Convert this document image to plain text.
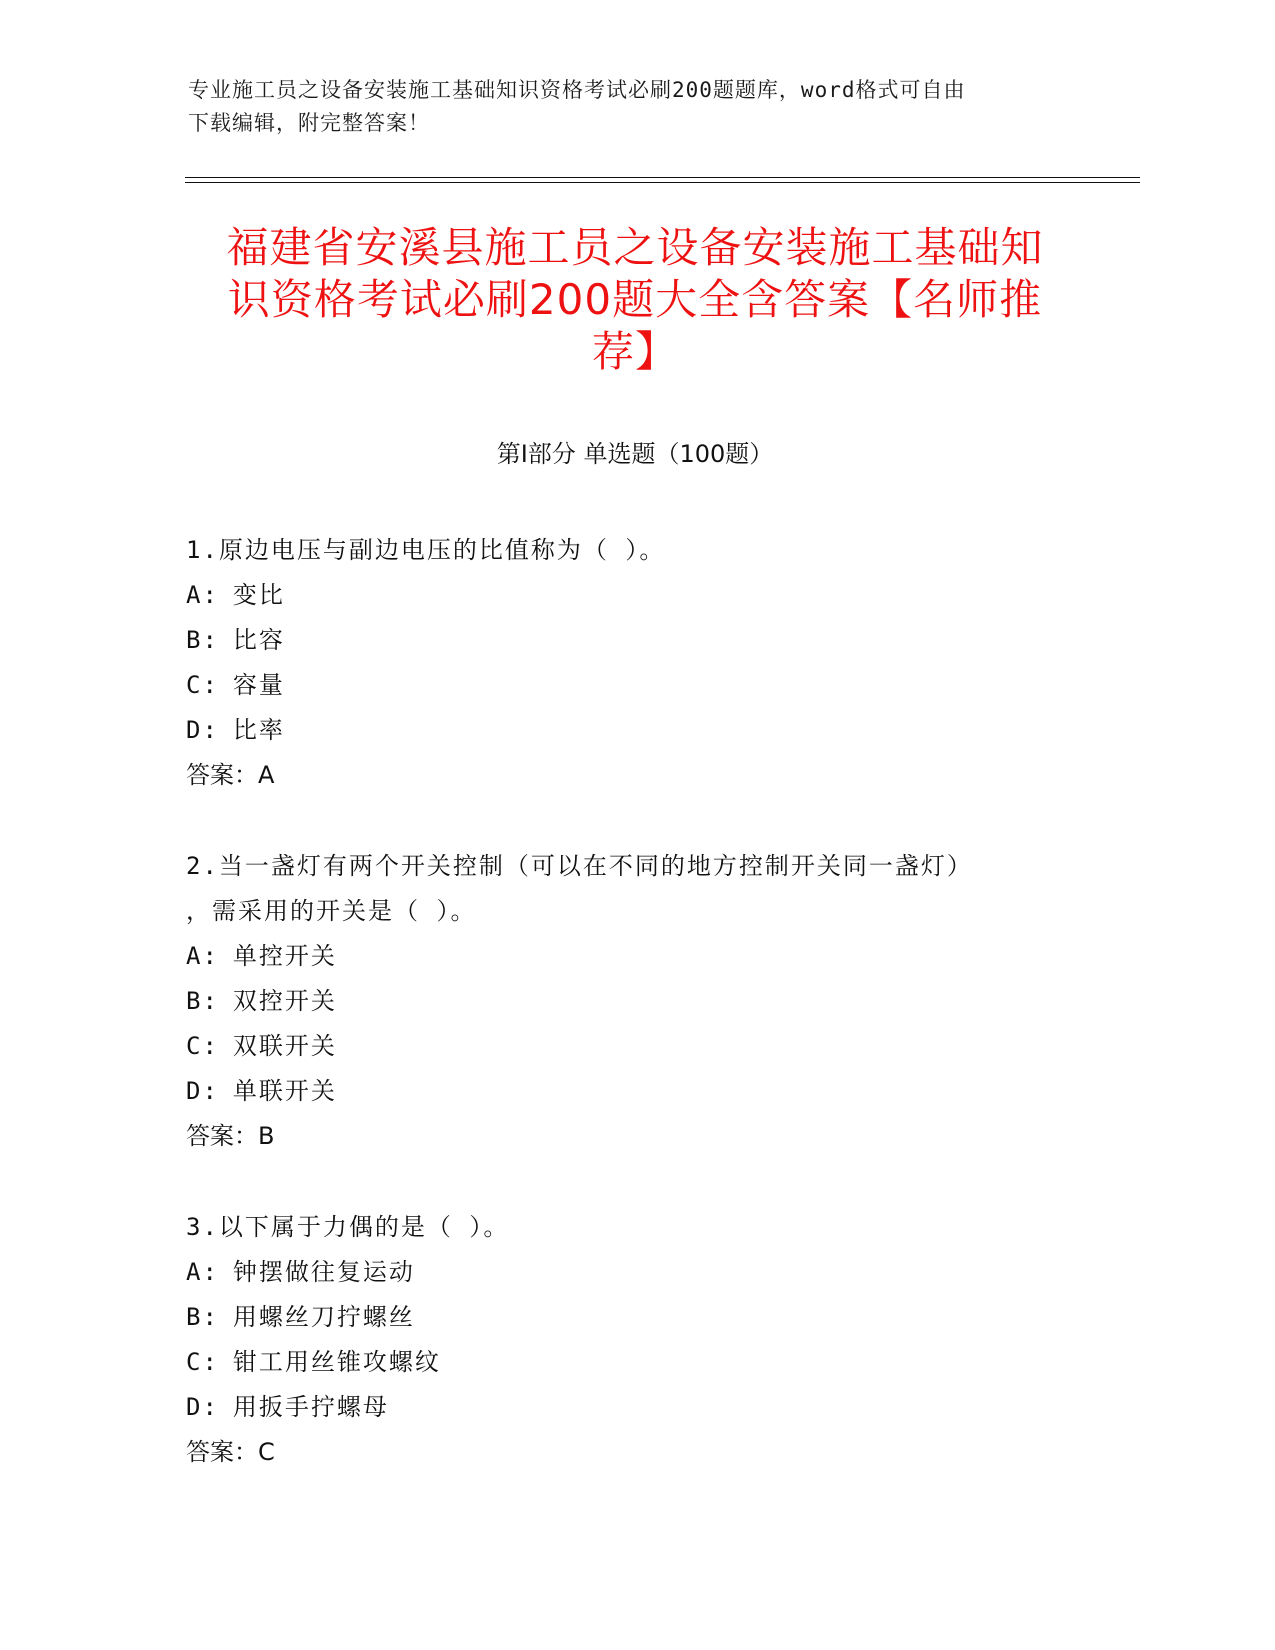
专业施工员之设备安装施工基础知识资格考试必刷200题题库，word格式可自由
下载编辑，附完整答案！
福建省安溪县施工员之设备安装施工基础知
识资格考试必刷200题大全含答案【名师推
荐】
第Ⅰ部分 单选题（100题）
1.原边电压与副边电压的比值称为（ ）。
A: 变比
B: 比容
C: 容量
D: 比率
答案：A
2.当一盏灯有两个开关控制（可以在不同的地方控制开关同一盏灯）
，需采用的开关是（ ）。
A: 单控开关
B: 双控开关
C: 双联开关
D: 单联开关
答案：B
3.以下属于力偶的是（ ）。
A: 钟摆做往复运动
B: 用螺丝刀拧螺丝
C: 钳工用丝锥攻螺纹
D: 用扳手拧螺母
答案：C
